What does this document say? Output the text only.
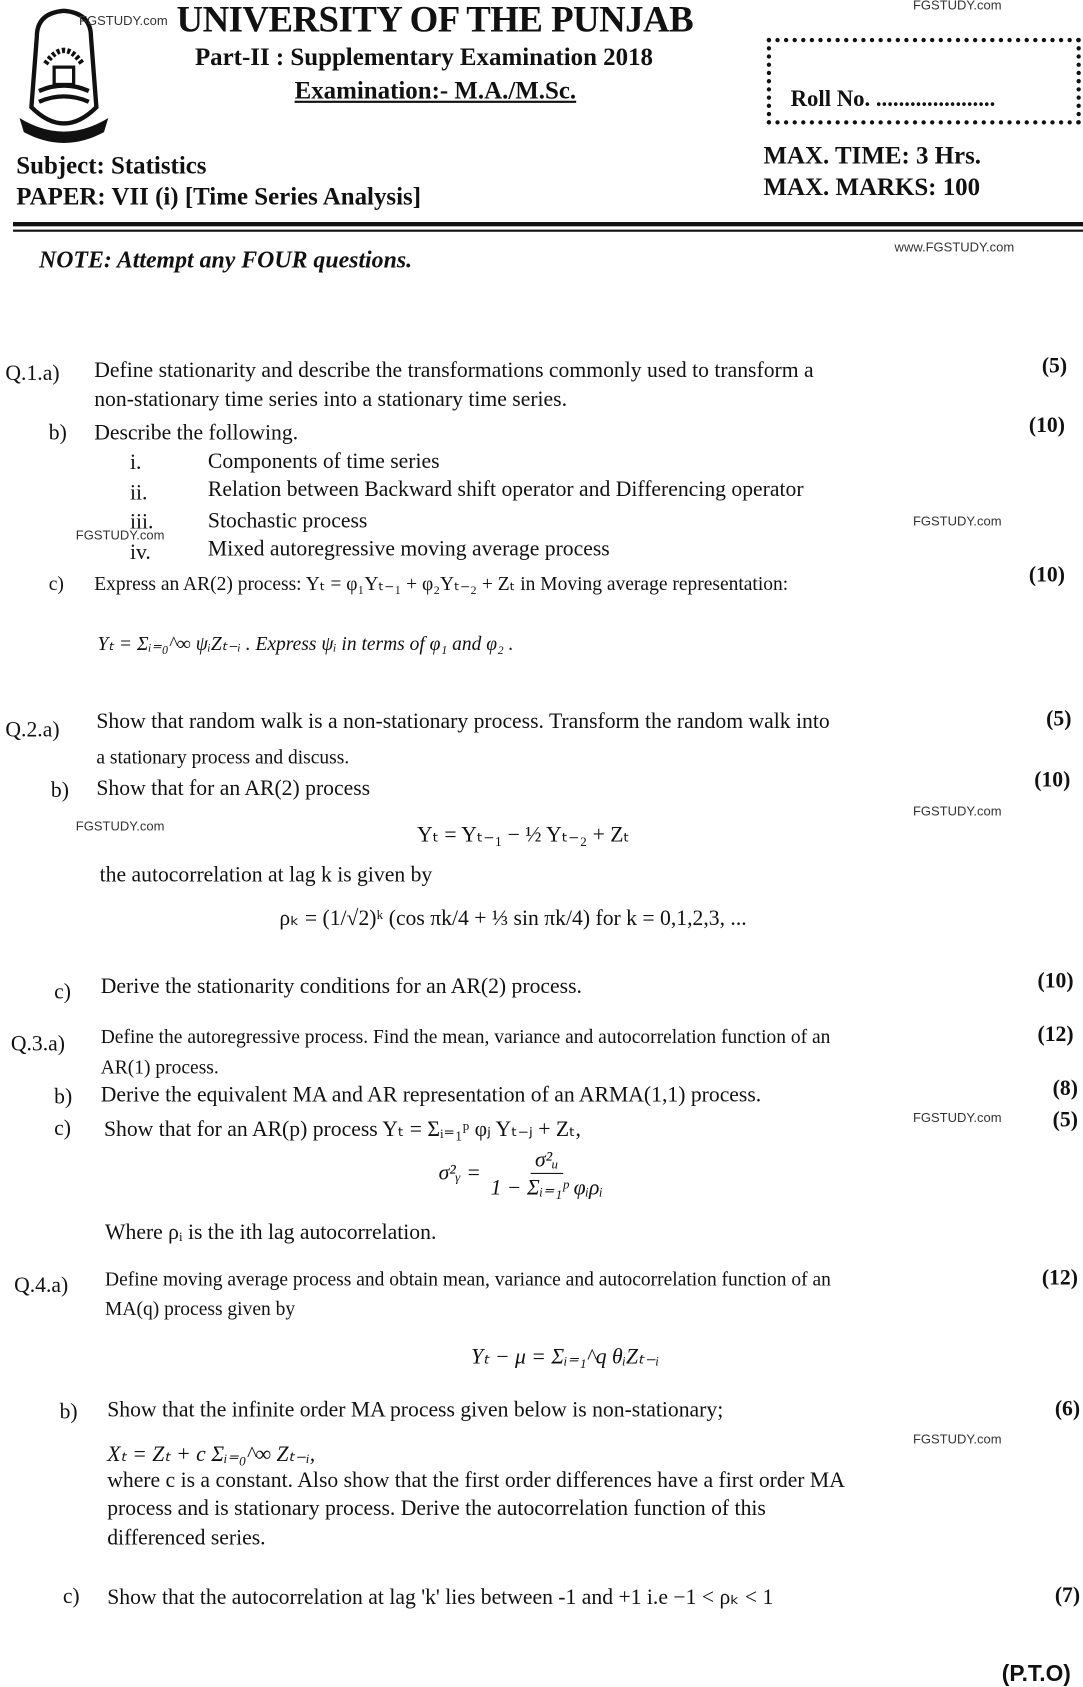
FGSTUDY.com
FGSTUDY.com
UNIVERSITY OF THE PUNJAB
Part-II : Supplementary Examination 2018
Examination:- M.A./M.Sc.	Roll No. .....................
Subject: Statistics
PAPER: VII (i) [Time Series Analysis]
MAX. TIME: 3 Hrs.
MAX. MARKS: 100
NOTE: Attempt any FOUR questions.	www.FGSTUDY.com
Q.1.a) Define stationarity and describe the transformations commonly used to transform a
non-stationary time series into a stationary time series.
(5)
b) Describe the following.	(10)
i.	Components of time series
ii.	Relation between Backward shift operator and Differencing operator
iii.	Stochastic process
FGSTUDY.com
FGSTUDY.com
iv.	Mixed autoregressive moving average process
c) Express an AR(2) process: Yₜ = φ₁Yₜ₋₁ + φ₂Yₜ₋₂ + Zₜ in Moving average representation:	(10)
Yₜ = Σᵢ₌₀^∞ ψᵢZₜ₋ᵢ . Express ψᵢ in terms of φ₁ and φ₂ .
Q.2.a) Show that random walk is a non-stationary process. Transform the random walk into
a stationary process and discuss.
(5)
b) Show that for an AR(2) process	(10)
FGSTUDY.com
FGSTUDY.com	Yₜ = Yₜ₋₁ − ½ Yₜ₋₂ + Zₜ
the autocorrelation at lag k is given by
ρₖ = (1/√2)ᵏ (cos πk/4 + ⅓ sin πk/4) for k = 0,1,2,3, ...
c) Derive the stationarity conditions for an AR(2) process.	(10)
Q.3.a) Define the autoregressive process. Find the mean, variance and autocorrelation function of an
AR(1) process.
(12)
b) Derive the equivalent MA and AR representation of an ARMA(1,1) process.	(8)
c) Show that for an AR(p) process Yₜ = Σᵢ₌₁ᵖ φⱼ Yₜ₋ⱼ + Zₜ,	FGSTUDY.com	(5)
σ²ᵧ = $\frac{\text{σ²ᵤ}}{\text{1 − Σᵢ₌₁ᵖ φᵢρᵢ}}$
Where ρᵢ is the ith lag autocorrelation.
Q.4.a) Define moving average process and obtain mean, variance and autocorrelation function of an
MA(q) process given by
(12)
Yₜ − μ = Σᵢ₌₁^q θᵢZₜ₋ᵢ
b) Show that the infinite order MA process given below is non-stationary;	(6)
FGSTUDY.com
Xₜ = Zₜ + c Σᵢ₌₀^∞ Zₜ₋ᵢ,
where c is a constant. Also show that the first order differences have a first order MA
process and is stationary process. Derive the autocorrelation function of this
differenced series.
c) Show that the autocorrelation at lag 'k' lies between -1 and +1 i.e −1 < ρₖ < 1	(7)
(P.T.O)
